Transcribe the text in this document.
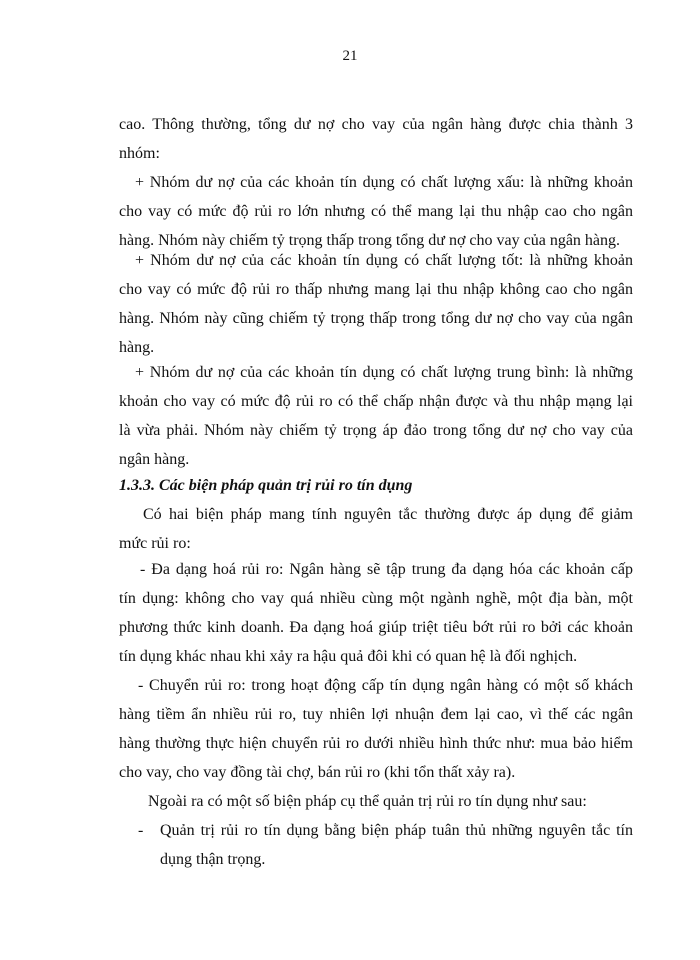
21
cao. Thông thường, tổng dư nợ cho vay của ngân hàng được chia thành 3
nhóm:
+ Nhóm dư nợ của các khoản tín dụng có chất lượng xấu: là những khoản
cho vay có mức độ rủi ro lớn nhưng có thể mang lại thu nhập cao cho ngân
hàng. Nhóm này chiếm tỷ trọng thấp trong tổng dư nợ cho vay của ngân hàng.
+ Nhóm dư nợ của các khoản tín dụng có chất lượng tốt: là những khoản
cho vay có mức độ rủi ro thấp nhưng mang lại thu nhập không cao cho ngân
hàng. Nhóm này cũng chiếm tỷ trọng thấp trong tổng dư nợ cho vay của ngân
hàng.
+ Nhóm dư nợ của các khoản tín dụng có chất lượng trung bình: là những
khoản cho vay có mức độ rủi ro có thể chấp nhận được và thu nhập mạng lại
là vừa phải. Nhóm này chiếm tỷ trọng áp đảo trong tổng dư nợ cho vay của
ngân hàng.
1.3.3. Các biện pháp quản trị rủi ro tín dụng
Có hai biện pháp mang tính nguyên tắc thường được áp dụng để giảm
mức rủi ro:
- Đa dạng hoá rủi ro: Ngân hàng sẽ tập trung đa dạng hóa các khoản cấp
tín dụng: không cho vay quá nhiều cùng một ngành nghề, một địa bàn, một
phương thức kinh doanh. Đa dạng hoá giúp triệt tiêu bớt rủi ro bởi các khoản
tín dụng khác nhau khi xảy ra hậu quả đôi khi có quan hệ là đối nghịch.
- Chuyển rủi ro: trong hoạt động cấp tín dụng ngân hàng có một số khách
hàng tiềm ẩn nhiều rủi ro, tuy nhiên lợi nhuận đem lại cao, vì thế các ngân
hàng thường thực hiện chuyển rủi ro dưới nhiều hình thức như: mua bảo hiểm
cho vay, cho vay đồng tài chợ, bán rủi ro (khi tổn thất xảy ra).
Ngoài ra có một số biện pháp cụ thể quản trị rủi ro tín dụng như sau:
- Quản trị rủi ro tín dụng bằng biện pháp tuân thủ những nguyên tắc tín
dụng thận trọng.
